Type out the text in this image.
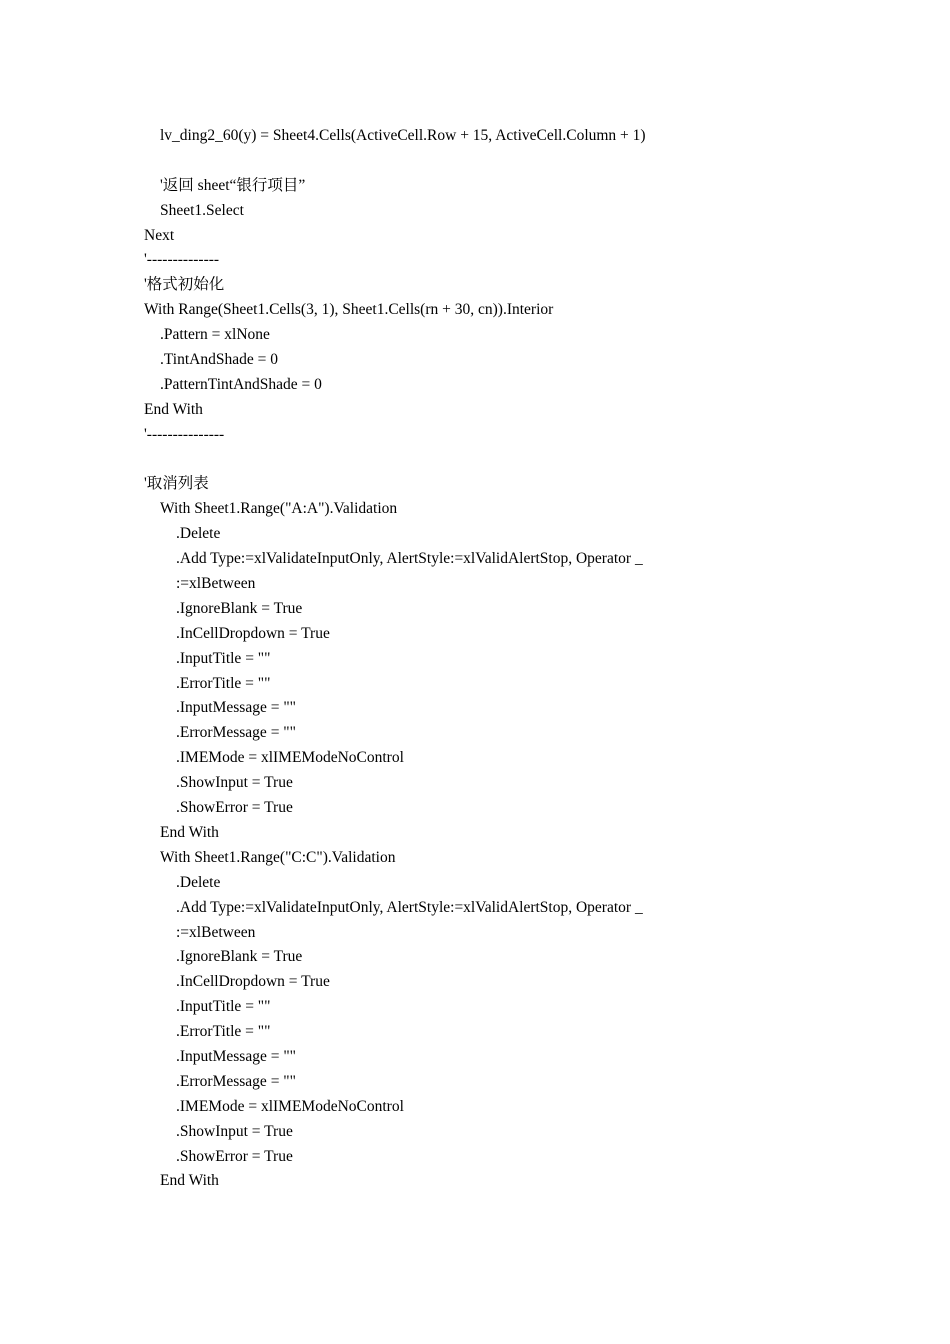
lv_ding2_60(y) = Sheet4.Cells(ActiveCell.Row + 15, ActiveCell.Column + 1)
'返回 sheet“银行项目”
Sheet1.Select
Next
'--------------
'格式初始化
With Range(Sheet1.Cells(3, 1), Sheet1.Cells(rn + 30, cn)).Interior
.Pattern = xlNone
.TintAndShade = 0
.PatternTintAndShade = 0
End With
'---------------
'取消列表
With Sheet1.Range("A:A").Validation
.Delete
.Add Type:=xlValidateInputOnly, AlertStyle:=xlValidAlertStop, Operator _
:=xlBetween
.IgnoreBlank = True
.InCellDropdown = True
.InputTitle = ""
.ErrorTitle = ""
.InputMessage = ""
.ErrorMessage = ""
.IMEMode = xlIMEModeNoControl
.ShowInput = True
.ShowError = True
End With
With Sheet1.Range("C:C").Validation
.Delete
.Add Type:=xlValidateInputOnly, AlertStyle:=xlValidAlertStop, Operator _
:=xlBetween
.IgnoreBlank = True
.InCellDropdown = True
.InputTitle = ""
.ErrorTitle = ""
.InputMessage = ""
.ErrorMessage = ""
.IMEMode = xlIMEModeNoControl
.ShowInput = True
.ShowError = True
End With
